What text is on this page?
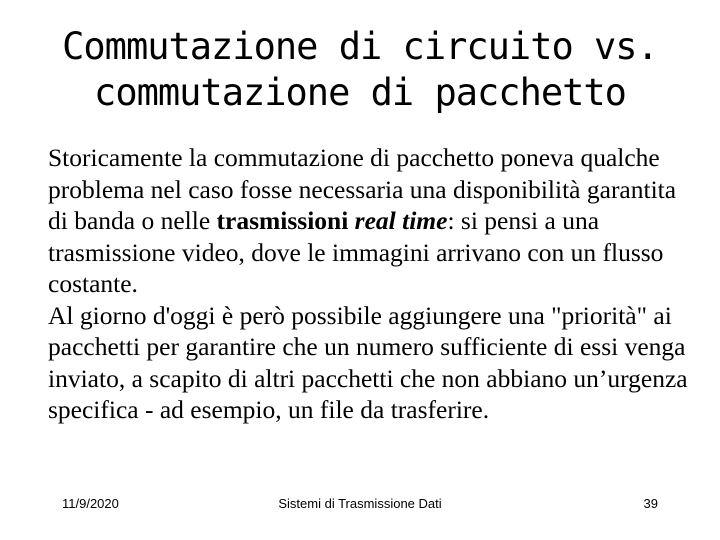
Commutazione di circuito vs.
commutazione di pacchetto

Storicamente la commutazione di pacchetto poneva qualche problema nel caso fosse necessaria una disponibilità garantita di banda o nelle trasmissioni real time: si pensi a una trasmissione video, dove le immagini arrivano con un flusso costante.

Al giorno d'oggi è però possibile aggiungere una "priorità" ai pacchetti per garantire che un numero sufficiente di essi venga inviato, a scapito di altri pacchetti che non abbiano un’urgenza specifica - ad esempio, un file da trasferire.

11/9/2020	Sistemi di Trasmissione Dati	39
